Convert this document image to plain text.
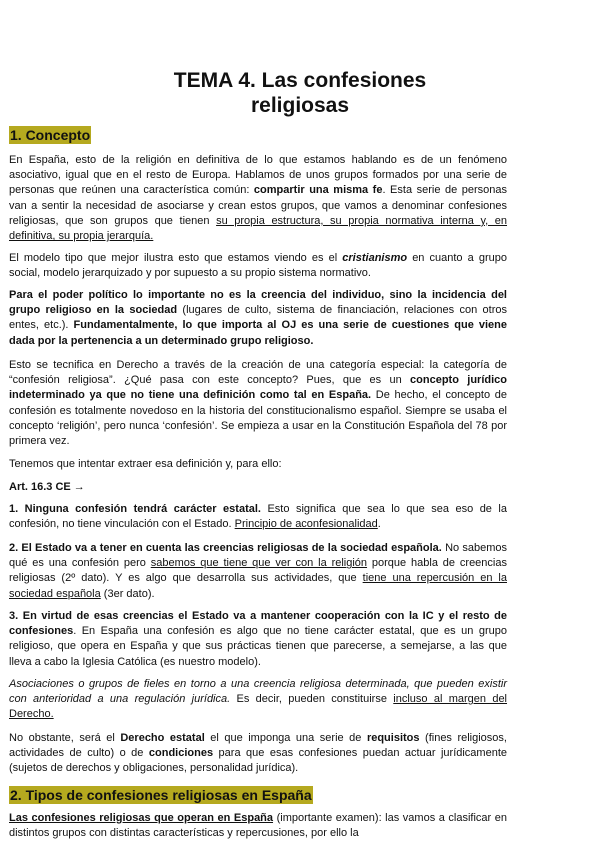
TEMA 4. Las confesiones
religiosas
1. Concepto

En España, esto de la religión en definitiva de lo que estamos hablando es de un fenómeno asociativo, igual que en el resto de Europa. Hablamos de unos grupos formados por una serie de personas que reúnen una característica común: compartir una misma fe. Esta serie de personas van a sentir la necesidad de asociarse y crean estos grupos, que vamos a denominar confesiones religiosas, que son grupos que tienen su propia estructura, su propia normativa interna y, en definitiva, su propia jerarquía.

El modelo tipo que mejor ilustra esto que estamos viendo es el cristianismo en cuanto a grupo social, modelo jerarquizado y por supuesto a su propio sistema normativo.

Para el poder político lo importante no es la creencia del individuo, sino la incidencia del grupo religioso en la sociedad (lugares de culto, sistema de financiación, relaciones con otros entes, etc.). Fundamentalmente, lo que importa al OJ es una serie de cuestiones que viene dada por la pertenencia a un determinado grupo religioso.

Esto se tecnifica en Derecho a través de la creación de una categoría especial: la categoría de “confesión religiosa”. ¿Qué pasa con este concepto? Pues, que es un concepto jurídico indeterminado ya que no tiene una definición como tal en España. De hecho, el concepto de confesión es totalmente novedoso en la historia del constitucionalismo español. Siempre se usaba el concepto ‘religión’, pero nunca ‘confesión’. Se empieza a usar en la Constitución Española del 78 por primera vez.

Tenemos que intentar extraer esa definición y, para ello:

Art. 16.3 CE →

1. Ninguna confesión tendrá carácter estatal. Esto significa que sea lo que sea eso de la confesión, no tiene vinculación con el Estado. Principio de aconfesionalidad.

2. El Estado va a tener en cuenta las creencias religiosas de la sociedad española. No sabemos qué es una confesión pero sabemos que tiene que ver con la religión porque habla de creencias religiosas (2º dato). Y es algo que desarrolla sus actividades, que tiene una repercusión en la sociedad española (3er dato).

3. En virtud de esas creencias el Estado va a mantener cooperación con la IC y el resto de confesiones. En España una confesión es algo que no tiene carácter estatal, que es un grupo religioso, que opera en España y que sus prácticas tienen que parecerse, a semejarse, a las que lleva a cabo la Iglesia Católica (es nuestro modelo).

Asociaciones o grupos de fieles en torno a una creencia religiosa determinada, que pueden existir con anterioridad a una regulación jurídica. Es decir, pueden constituirse incluso al margen del Derecho.

No obstante, será el Derecho estatal el que imponga una serie de requisitos (fines religiosos, actividades de culto) o de condiciones para que esas confesiones puedan actuar jurídicamente (sujetos de derechos y obligaciones, personalidad jurídica).

2. Tipos de confesiones religiosas en España

Las confesiones religiosas que operan en España (importante examen): las vamos a clasificar en distintos grupos con distintas características y repercusiones, por ello la
